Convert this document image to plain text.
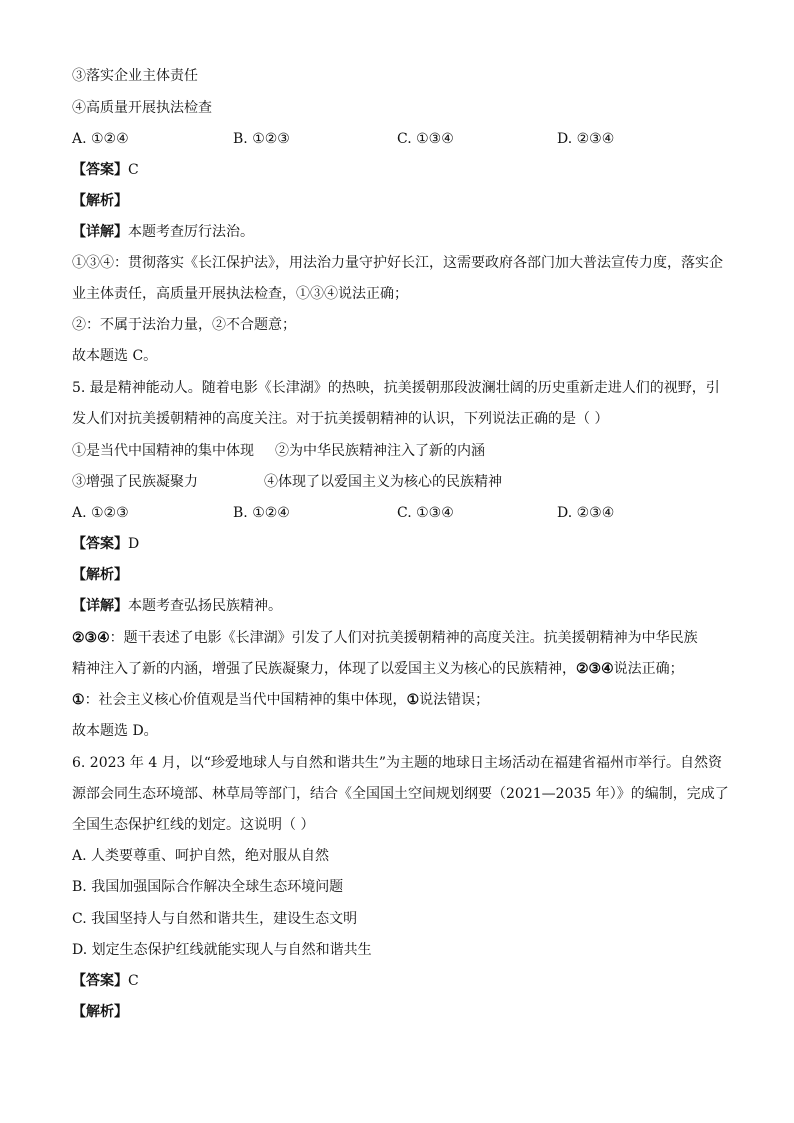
③落实企业主体责任
④高质量开展执法检查
A. ①②④	B. ①②③	C. ①③④	D. ②③④
【答案】C
【解析】
【详解】本题考查厉行法治。
①③④：贯彻落实《长江保护法》，用法治力量守护好长江，这需要政府各部门加大普法宣传力度，落实企
业主体责任，高质量开展执法检查，①③④说法正确；
②：不属于法治力量，②不合题意；
故本题选 C。
5. 最是精神能动人。随着电影《长津湖》的热映，抗美援朝那段波澜壮阔的历史重新走进人们的视野，引
发人们对抗美援朝精神的高度关注。对于抗美援朝精神的认识，下列说法正确的是（ ）
①是当代中国精神的集中体现 ②为中华民族精神注入了新的内涵
③增强了民族凝聚力	④体现了以爱国主义为核心的民族精神
A. ①②③	B. ①②④	C. ①③④	D. ②③④
【答案】D
【解析】
【详解】本题考查弘扬民族精神。
②③④：题干表述了电影《长津湖》引发了人们对抗美援朝精神的高度关注。抗美援朝精神为中华民族
精神注入了新的内涵，增强了民族凝聚力，体现了以爱国主义为核心的民族精神，②③④说法正确；
①：社会主义核心价值观是当代中国精神的集中体现，①说法错误；
故本题选 D。
6. 2023 年 4 月，以“珍爱地球人与自然和谐共生”为主题的地球日主场活动在福建省福州市举行。自然资
源部会同生态环境部、林草局等部门，结合《全国国土空间规划纲要（2021—2035 年）》的编制，完成了
全国生态保护红线的划定。这说明（ ）
A. 人类要尊重、呵护自然，绝对服从自然
B. 我国加强国际合作解决全球生态环境问题
C. 我国坚持人与自然和谐共生，建设生态文明
D. 划定生态保护红线就能实现人与自然和谐共生
【答案】C
【解析】
